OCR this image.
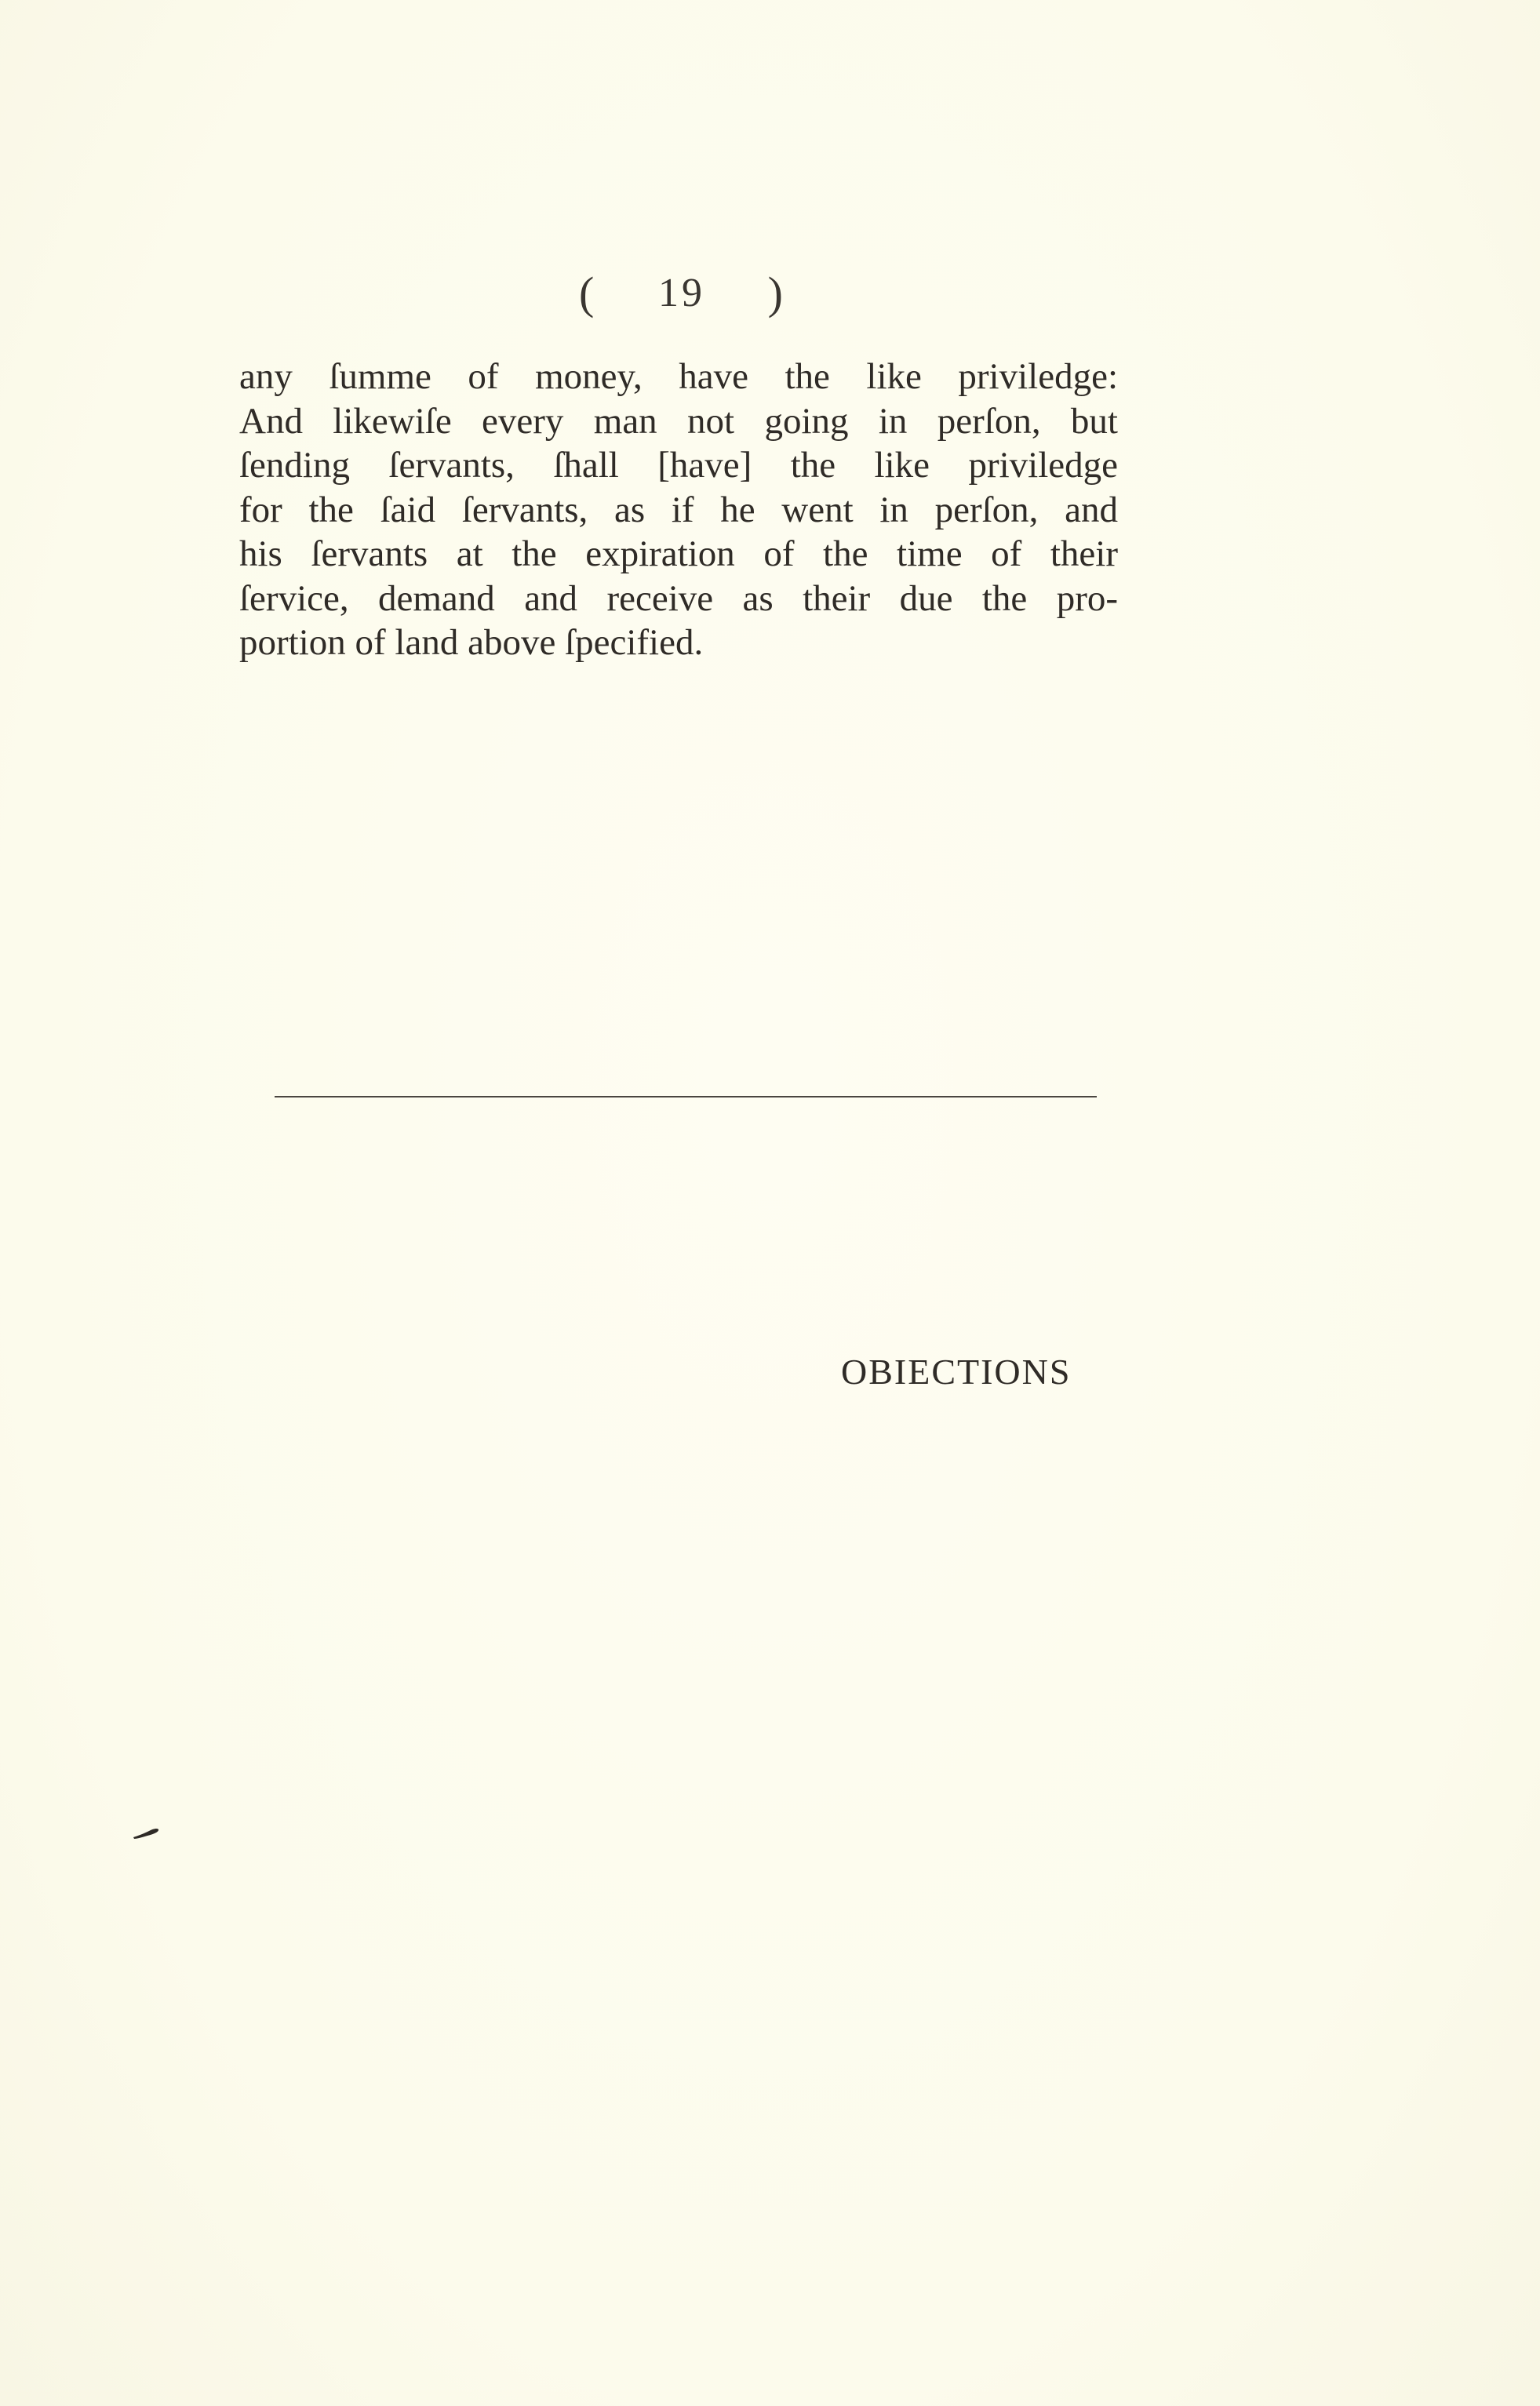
( 19 )
any ſumme of money, have the like priviledge:
And likewiſe every man not going in perſon, but
ſending ſervants, ſhall [have] the like priviledge
for the ſaid ſervants, as if he went in perſon, and
his ſervants at the expiration of the time of their
ſervice, demand and receive as their due the pro-
portion of land above ſpecified.
OBIECTIONS
